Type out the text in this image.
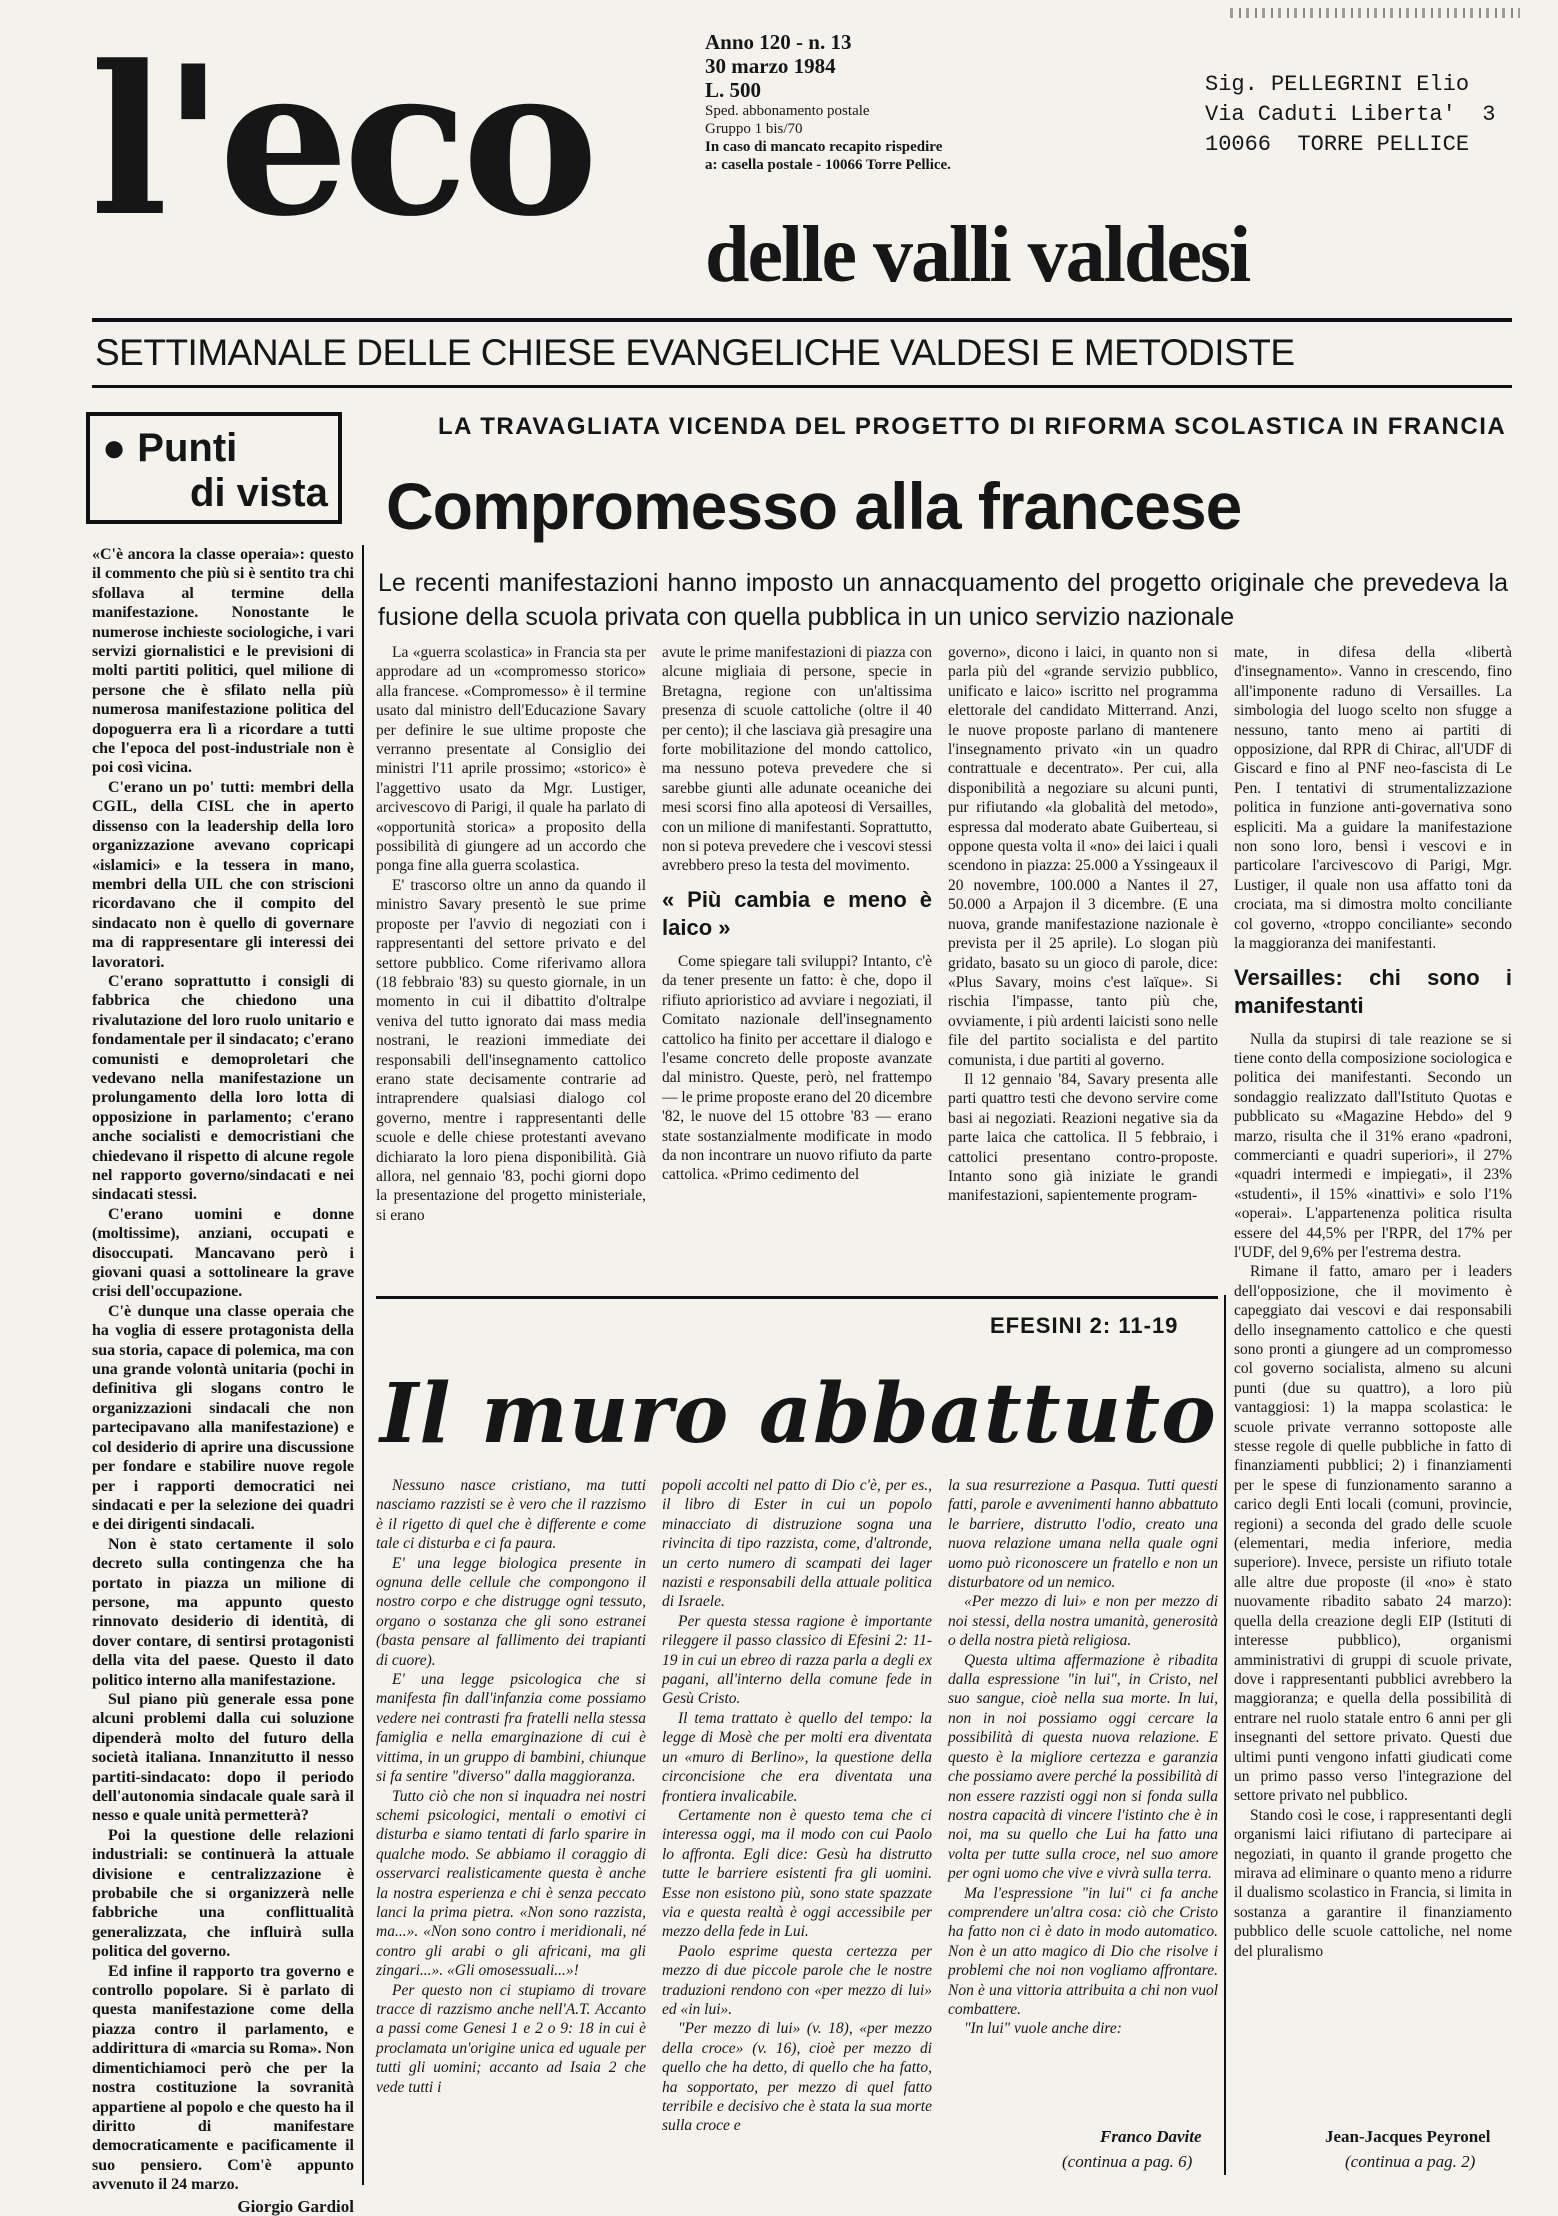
l'eco	Anno 120 - n. 13
30 marzo 1984
L. 500
Sped. abbonamento postale
Gruppo 1 bis/70
In caso di mancato recapito rispedire
a: casella postale - 10066 Torre Pellice.
Sig. PELLEGRINI Elio
Via Caduti Liberta'  3
10066  TORRE PELLICE
delle valli valdesi
SETTIMANALE DELLE CHIESE EVANGELICHE VALDESI E METODISTE
● Punti
di vista

«C'è ancora la classe operaia»: questo il commento che più si è sentito tra chi sfollava al termine della manifestazione. Nonostante le numerose inchieste sociologiche, i vari servizi giornalistici e le previsioni di molti partiti politici, quel milione di persone che è sfilato nella più numerosa manifestazione politica del dopoguerra era lì a ricordare a tutti che l'epoca del post-industriale non è poi così vicina.

C'erano un po' tutti: membri della CGIL, della CISL che in aperto dissenso con la leadership della loro organizzazione avevano copricapi «islamici» e la tessera in mano, membri della UIL che con striscioni ricordavano che il compito del sindacato non è quello di governare ma di rappresentare gli interessi dei lavoratori.

C'erano soprattutto i consigli di fabbrica che chiedono una rivalutazione del loro ruolo unitario e fondamentale per il sindacato; c'erano comunisti e demoproletari che vedevano nella manifestazione un prolungamento della loro lotta di opposizione in parlamento; c'erano anche socialisti e democristiani che chiedevano il rispetto di alcune regole nel rapporto governo/sindacati e nei sindacati stessi.

C'erano uomini e donne (moltissime), anziani, occupati e disoccupati. Mancavano però i giovani quasi a sottolineare la grave crisi dell'occupazione.

C'è dunque una classe operaia che ha voglia di essere protagonista della sua storia, capace di polemica, ma con una grande volontà unitaria (pochi in definitiva gli slogans contro le organizzazioni sindacali che non partecipavano alla manifestazione) e col desiderio di aprire una discussione per fondare e stabilire nuove regole per i rapporti democratici nei sindacati e per la selezione dei quadri e dei dirigenti sindacali.

Non è stato certamente il solo decreto sulla contingenza che ha portato in piazza un milione di persone, ma appunto questo rinnovato desiderio di identità, di dover contare, di sentirsi protagonisti della vita del paese. Questo il dato politico interno alla manifestazione.

Sul piano più generale essa pone alcuni problemi dalla cui soluzione dipenderà molto del futuro della società italiana. Innanzitutto il nesso partiti-sindacato: dopo il periodo dell'autonomia sindacale quale sarà il nesso e quale unità permetterà?

Poi la questione delle relazioni industriali: se continuerà la attuale divisione e centralizzazione è probabile che si organizzerà nelle fabbriche una conflittualità generalizzata, che influirà sulla politica del governo.

Ed infine il rapporto tra governo e controllo popolare. Si è parlato di questa manifestazione come della piazza contro il parlamento, e addirittura di «marcia su Roma». Non dimentichiamoci però che per la nostra costituzione la sovranità appartiene al popolo e che questo ha il diritto di manifestare democraticamente e pacificamente il suo pensiero. Com'è appunto avvenuto il 24 marzo.

Giorgio Gardiol
LA TRAVAGLIATA VICENDA DEL PROGETTO DI RIFORMA SCOLASTICA IN FRANCIA
Compromesso alla francese
Le recenti manifestazioni hanno imposto un annacquamento del progetto originale che prevedeva la fusione della scuola privata con quella pubblica in un unico servizio nazionale

La «guerra scolastica» in Francia sta per approdare ad un «compromesso storico» alla francese. «Compromesso» è il termine usato dal ministro dell'Educazione Savary per definire le sue ultime proposte che verranno presentate al Consiglio dei ministri l'11 aprile prossimo; «storico» è l'aggettivo usato da Mgr. Lustiger, arcivescovo di Parigi, il quale ha parlato di «opportunità storica» a proposito della possibilità di giungere ad un accordo che ponga fine alla guerra scolastica.

E' trascorso oltre un anno da quando il ministro Savary presentò le sue prime proposte per l'avvio di negoziati con i rappresentanti del settore privato e del settore pubblico. Come riferivamo allora (18 febbraio '83) su questo giornale, in un momento in cui il dibattito d'oltralpe veniva del tutto ignorato dai mass media nostrani, le reazioni immediate dei responsabili dell'insegnamento cattolico erano state decisamente contrarie ad intraprendere qualsiasi dialogo col governo, mentre i rappresentanti delle scuole e delle chiese protestanti avevano dichiarato la loro piena disponibilità. Già allora, nel gennaio '83, pochi giorni dopo la presentazione del progetto ministeriale, si erano

avute le prime manifestazioni di piazza con alcune migliaia di persone, specie in Bretagna, regione con un'altissima presenza di scuole cattoliche (oltre il 40 per cento); il che lasciava già presagire una forte mobilitazione del mondo cattolico, ma nessuno poteva prevedere che si sarebbe giunti alle adunate oceaniche dei mesi scorsi fino alla apoteosi di Versailles, con un milione di manifestanti. Soprattutto, non si poteva prevedere che i vescovi stessi avrebbero preso la testa del movimento.

« Più cambia e meno è laico »

Come spiegare tali sviluppi? Intanto, c'è da tener presente un fatto: è che, dopo il rifiuto aprioristico ad avviare i negoziati, il Comitato nazionale dell'insegnamento cattolico ha finito per accettare il dialogo e l'esame concreto delle proposte avanzate dal ministro. Queste, però, nel frattempo — le prime proposte erano del 20 dicembre '82, le nuove del 15 ottobre '83 — erano state sostanzialmente modificate in modo da non incontrare un nuovo rifiuto da parte cattolica. «Primo cedimento del

governo», dicono i laici, in quanto non si parla più del «grande servizio pubblico, unificato e laico» iscritto nel programma elettorale del candidato Mitterrand. Anzi, le nuove proposte parlano di mantenere l'insegnamento privato «in un quadro contrattuale e decentrato». Per cui, alla disponibilità a negoziare su alcuni punti, pur rifiutando «la globalità del metodo», espressa dal moderato abate Guiberteau, si oppone questa volta il «no» dei laici i quali scendono in piazza: 25.000 a Yssingeaux il 20 novembre, 100.000 a Nantes il 27, 50.000 a Arpajon il 3 dicembre. (E una nuova, grande manifestazione nazionale è prevista per il 25 aprile). Lo slogan più gridato, basato su un gioco di parole, dice: «Plus Savary, moins c'est laïque». Si rischia l'impasse, tanto più che, ovviamente, i più ardenti laicisti sono nelle file del partito socialista e del partito comunista, i due partiti al governo.

Il 12 gennaio '84, Savary presenta alle parti quattro testi che devono servire come basi ai negoziati. Reazioni negative sia da parte laica che cattolica. Il 5 febbraio, i cattolici presentano contro-proposte. Intanto sono già iniziate le grandi manifestazioni, sapientemente program-

mate, in difesa della «libertà d'insegnamento». Vanno in crescendo, fino all'imponente raduno di Versailles. La simbologia del luogo scelto non sfugge a nessuno, tanto meno ai partiti di opposizione, dal RPR di Chirac, all'UDF di Giscard e fino al PNF neo-fascista di Le Pen. I tentativi di strumentalizzazione politica in funzione anti-governativa sono espliciti. Ma a guidare la manifestazione non sono loro, bensì i vescovi e in particolare l'arcivescovo di Parigi, Mgr. Lustiger, il quale non usa affatto toni da crociata, ma si dimostra molto conciliante col governo, «troppo conciliante» secondo la maggioranza dei manifestanti.

Versailles: chi sono i manifestanti

Nulla da stupirsi di tale reazione se si tiene conto della composizione sociologica e politica dei manifestanti. Secondo un sondaggio realizzato dall'Istituto Quotas e pubblicato su «Magazine Hebdo» del 9 marzo, risulta che il 31% erano «padroni, commercianti e quadri superiori», il 27% «quadri intermedi e impiegati», il 23% «studenti», il 15% «inattivi» e solo l'1% «operai». L'appartenenza politica risulta essere del 44,5% per l'RPR, del 17% per l'UDF, del 9,6% per l'estrema destra.

Rimane il fatto, amaro per i leaders dell'opposizione, che il movimento è capeggiato dai vescovi e dai responsabili dello insegnamento cattolico e che questi sono pronti a giungere ad un compromesso col governo socialista, almeno su alcuni punti (due su quattro), a loro più vantaggiosi: 1) la mappa scolastica: le scuole private verranno sottoposte alle stesse regole di quelle pubbliche in fatto di finanziamenti pubblici; 2) i finanziamenti per le spese di funzionamento saranno a carico degli Enti locali (comuni, provincie, regioni) a seconda del grado delle scuole (elementari, media inferiore, media superiore). Invece, persiste un rifiuto totale alle altre due proposte (il «no» è stato nuovamente ribadito sabato 24 marzo): quella della creazione degli EIP (Istituti di interesse pubblico), organismi amministrativi di gruppi di scuole private, dove i rappresentanti pubblici avrebbero la maggioranza; e quella della possibilità di entrare nel ruolo statale entro 6 anni per gli insegnanti del settore privato. Questi due ultimi punti vengono infatti giudicati come un primo passo verso l'integrazione del settore privato nel pubblico.

Stando così le cose, i rappresentanti degli organismi laici rifiutano di partecipare ai negoziati, in quanto il grande progetto che mirava ad eliminare o quanto meno a ridurre il dualismo scolastico in Francia, si limita in sostanza a garantire il finanziamento pubblico delle scuole cattoliche, nel nome del pluralismo

Jean-Jacques Peyronel
(continua a pag. 2)
EFESINI 2: 11-19
Il muro abbattuto

Nessuno nasce cristiano, ma tutti nasciamo razzisti se è vero che il razzismo è il rigetto di quel che è differente e come tale ci disturba e ci fa paura.

E' una legge biologica presente in ognuna delle cellule che compongono il nostro corpo e che distrugge ogni tessuto, organo o sostanza che gli sono estranei (basta pensare al fallimento dei trapianti di cuore).

E' una legge psicologica che si manifesta fin dall'infanzia come possiamo vedere nei contrasti fra fratelli nella stessa famiglia e nella emarginazione di cui è vittima, in un gruppo di bambini, chiunque si fa sentire "diverso" dalla maggioranza.

Tutto ciò che non si inquadra nei nostri schemi psicologici, mentali o emotivi ci disturba e siamo tentati di farlo sparire in qualche modo. Se abbiamo il coraggio di osservarci realisticamente questa è anche la nostra esperienza e chi è senza peccato lanci la prima pietra. «Non sono razzista, ma...». «Non sono contro i meridionali, né contro gli arabi o gli africani, ma gli zingari...». «Gli omosessuali...»!

Per questo non ci stupiamo di trovare tracce di razzismo anche nell'A.T. Accanto a passi come Genesi 1 e 2 o 9: 18 in cui è proclamata un'origine unica ed uguale per tutti gli uomini; accanto ad Isaia 2 che vede tutti i

popoli accolti nel patto di Dio c'è, per es., il libro di Ester in cui un popolo minacciato di distruzione sogna una rivincita di tipo razzista, come, d'altronde, un certo numero di scampati dei lager nazisti e responsabili della attuale politica di Israele.

Per questa stessa ragione è importante rileggere il passo classico di Efesini 2: 11-19 in cui un ebreo di razza parla a degli ex pagani, all'interno della comune fede in Gesù Cristo.

Il tema trattato è quello del tempo: la legge di Mosè che per molti era diventata un «muro di Berlino», la questione della circoncisione che era diventata una frontiera invalicabile.

Certamente non è questo tema che ci interessa oggi, ma il modo con cui Paolo lo affronta. Egli dice: Gesù ha distrutto tutte le barriere esistenti fra gli uomini. Esse non esistono più, sono state spazzate via e questa realtà è oggi accessibile per mezzo della fede in Lui.

Paolo esprime questa certezza per mezzo di due piccole parole che le nostre traduzioni rendono con «per mezzo di lui» ed «in lui».

"Per mezzo di lui» (v. 18), «per mezzo della croce» (v. 16), cioè per mezzo di quello che ha detto, di quello che ha fatto, ha sopportato, per mezzo di quel fatto terribile e decisivo che è stata la sua morte sulla croce e

la sua resurrezione a Pasqua. Tutti questi fatti, parole e avvenimenti hanno abbattuto le barriere, distrutto l'odio, creato una nuova relazione umana nella quale ogni uomo può riconoscere un fratello e non un disturbatore od un nemico.

«Per mezzo di lui» e non per mezzo di noi stessi, della nostra umanità, generosità o della nostra pietà religiosa.

Questa ultima affermazione è ribadita dalla espressione "in lui", in Cristo, nel suo sangue, cioè nella sua morte. In lui, non in noi possiamo oggi cercare la possibilità di questa nuova relazione. E questo è la migliore certezza e garanzia che possiamo avere perché la possibilità di non essere razzisti oggi non si fonda sulla nostra capacità di vincere l'istinto che è in noi, ma su quello che Lui ha fatto una volta per tutte sulla croce, nel suo amore per ogni uomo che vive e vivrà sulla terra.

Ma l'espressione "in lui" ci fa anche comprendere un'altra cosa: ciò che Cristo ha fatto non ci è dato in modo automatico. Non è un atto magico di Dio che risolve i problemi che noi non vogliamo affrontare. Non è una vittoria attribuita a chi non vuol combattere.

"In lui" vuole anche dire:

Franco Davite
(continua a pag. 6)
